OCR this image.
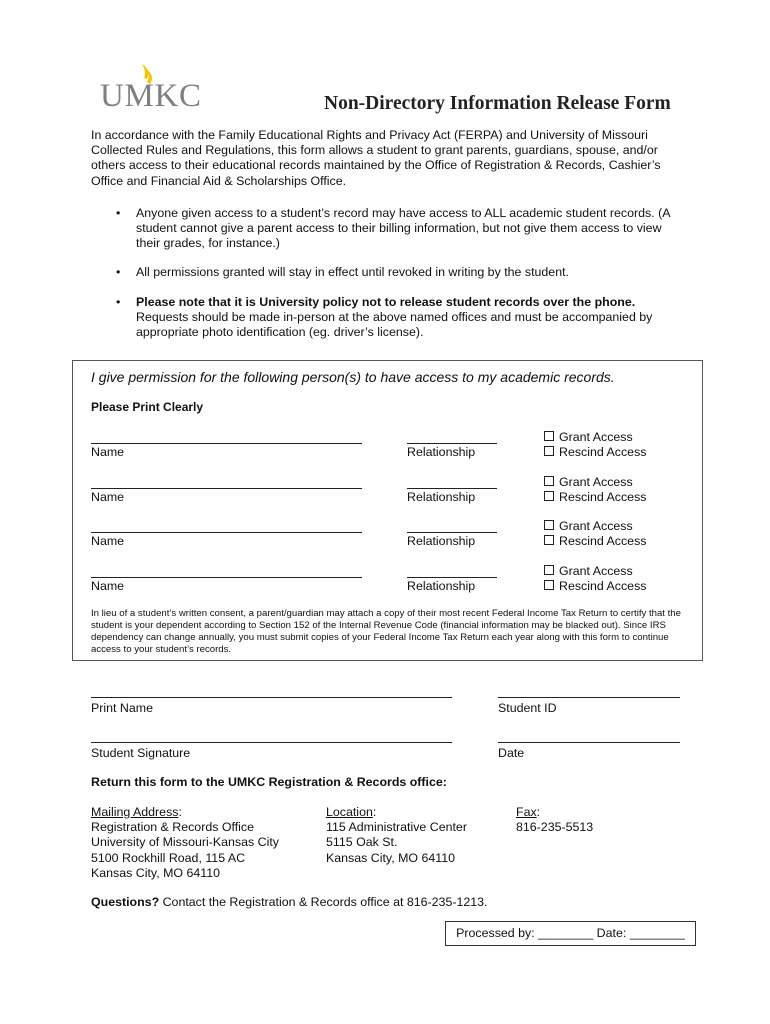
UMKC	Non-Directory Information Release Form

In accordance with the Family Educational Rights and Privacy Act (FERPA) and University of Missouri Collected Rules and Regulations, this form allows a student to grant parents, guardians, spouse, and/or others access to their educational records maintained by the Office of Registration & Records, Cashier’s Office and Financial Aid & Scholarships Office.

• Anyone given access to a student’s record may have access to ALL academic student records. (A student cannot give a parent access to their billing information, but not give them access to view their grades, for instance.)

• All permissions granted will stay in effect until revoked in writing by the student.

• Please note that it is University policy not to release student records over the phone. Requests should be made in-person at the above named offices and must be accompanied by appropriate photo identification (eg. driver’s license).

I give permission for the following person(s) to have access to my academic records.
Please Print Clearly
Name	Relationship
Grant Access
Rescind Access
Name	Relationship
Grant Access
Rescind Access
Name	Relationship
Grant Access
Rescind Access
Name	Relationship
Grant Access
Rescind Access

In lieu of a student’s written consent, a parent/guardian may attach a copy of their most recent Federal Income Tax Return to certify that the student is your dependent according to Section 152 of the Internal Revenue Code (financial information may be blacked out). Since IRS dependency can change annually, you must submit copies of your Federal Income Tax Return each year along with this form to continue access to your student’s records.

Print Name	Student ID
Student Signature	Date
Return this form to the UMKC Registration & Records office:
Mailing Address:
Registration & Records Office
University of Missouri-Kansas City
5100 Rockhill Road, 115 AC
Kansas City, MO 64110
Location:
115 Administrative Center
5115 Oak St.
Kansas City, MO 64110
Fax:
816-235-5513
Questions? Contact the Registration & Records office at 816-235-1213.
Processed by: ________ Date: ________
